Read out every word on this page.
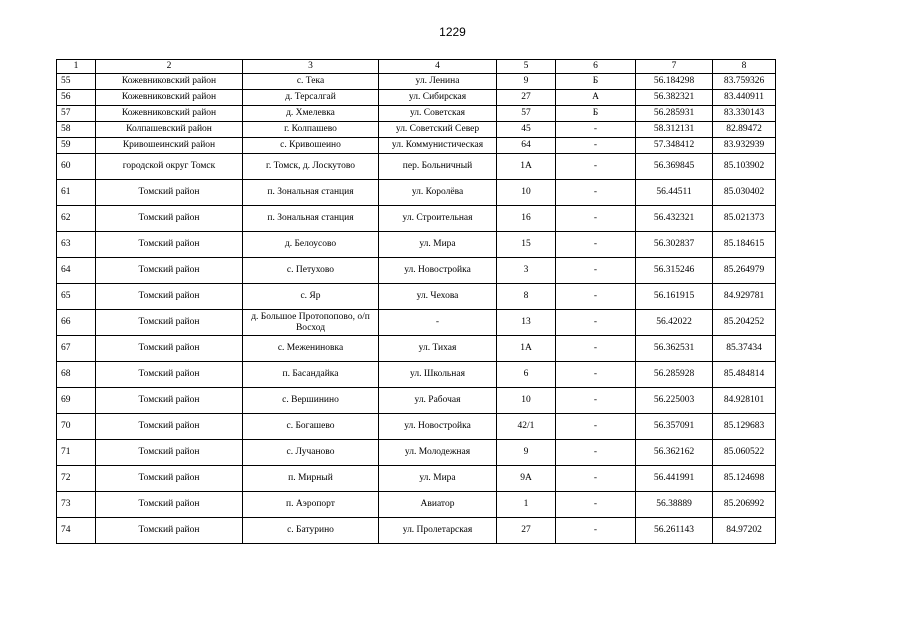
1229
1	2	3	4	5	6	7	8
55	Кожевниковский район	с. Тека	ул. Ленина	9	Б	56.184298	83.759326
56	Кожевниковский район	д. Терсалгай	ул. Сибирская	27	А	56.382321	83.440911
57	Кожевниковский район	д. Хмелевка	ул. Советская	57	Б	56.285931	83.330143
58	Колпашевский район	г. Колпашево	ул. Советский Север	45	-	58.312131	82.89472
59	Кривошеинский район	с. Кривошеино	ул. Коммунистическая	64	-	57.348412	83.932939
60	городской округ Томск	г. Томск, д. Лоскутово	пер. Больничный	1А	-	56.369845	85.103902
61	Томский район	п. Зональная станция	ул. Королёва	10	-	56.44511	85.030402
62	Томский район	п. Зональная станция	ул. Строительная	16	-	56.432321	85.021373
63	Томский район	д. Белоусово	ул. Мира	15	-	56.302837	85.184615
64	Томский район	с. Петухово	ул. Новостройка	3	-	56.315246	85.264979
65	Томский район	с. Яр	ул. Чехова	8	-	56.161915	84.929781
66	Томский район	д. Большое Протопопово, о/п Восход	-	13	-	56.42022	85.204252
67	Томский район	с. Межениновка	ул. Тихая	1А	-	56.362531	85.37434
68	Томский район	п. Басандайка	ул. Школьная	6	-	56.285928	85.484814
69	Томский район	с. Вершинино	ул. Рабочая	10	-	56.225003	84.928101
70	Томский район	с. Богашево	ул. Новостройка	42/1	-	56.357091	85.129683
71	Томский район	с. Лучаново	ул. Молодежная	9	-	56.362162	85.060522
72	Томский район	п. Мирный	ул. Мира	9А	-	56.441991	85.124698
73	Томский район	п. Аэропорт	Авиатор	1	-	56.38889	85.206992
74	Томский район	с. Батурино	ул. Пролетарская	27	-	56.261143	84.97202
